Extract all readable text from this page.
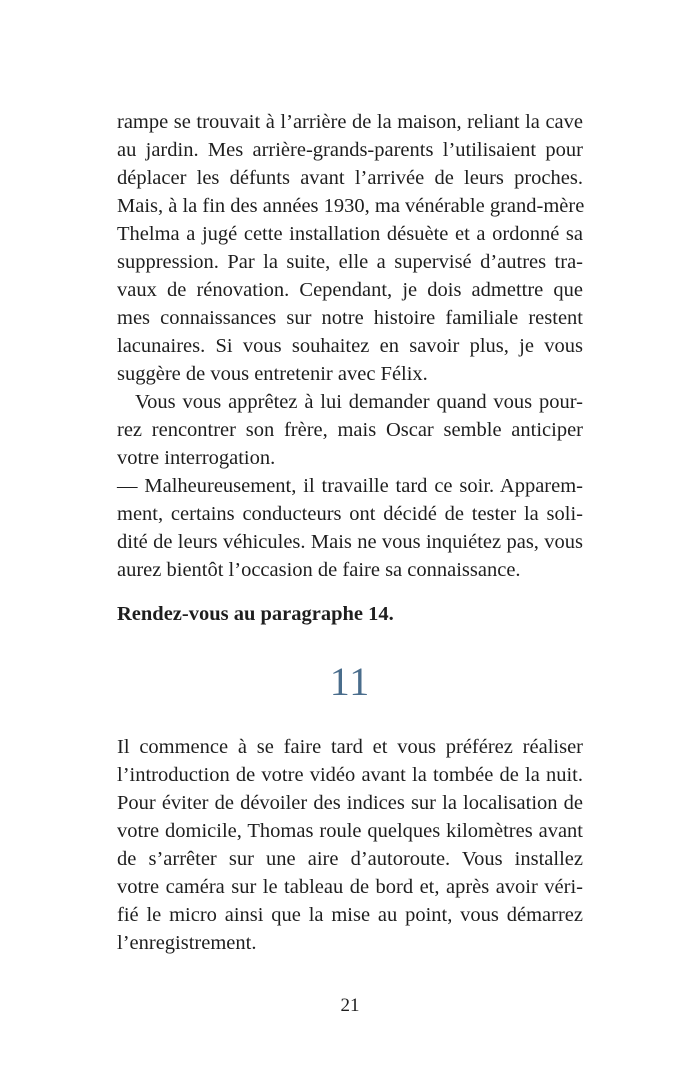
rampe se trouvait à l’arrière de la maison, reliant la cave
au jardin. Mes arrière-grands-parents l’utilisaient pour
déplacer les défunts avant l’arrivée de leurs proches.
Mais, à la fin des années 1930, ma vénérable grand-mère
Thelma a jugé cette installation désuète et a ordonné sa
suppression. Par la suite, elle a supervisé d’autres tra-
vaux de rénovation. Cependant, je dois admettre que
mes connaissances sur notre histoire familiale restent
lacunaires. Si vous souhaitez en savoir plus, je vous
suggère de vous entretenir avec Félix.
Vous vous apprêtez à lui demander quand vous pour-
rez rencontrer son frère, mais Oscar semble anticiper
votre interrogation.
— Malheureusement, il travaille tard ce soir. Apparem-
ment, certains conducteurs ont décidé de tester la soli-
dité de leurs véhicules. Mais ne vous inquiétez pas, vous
aurez bientôt l’occasion de faire sa connaissance.
Rendez-vous au paragraphe 14.
11
Il commence à se faire tard et vous préférez réaliser
l’introduction de votre vidéo avant la tombée de la nuit.
Pour éviter de dévoiler des indices sur la localisation de
votre domicile, Thomas roule quelques kilomètres avant
de s’arrêter sur une aire d’autoroute. Vous installez
votre caméra sur le tableau de bord et, après avoir véri-
fié le micro ainsi que la mise au point, vous démarrez
l’enregistrement.
21
